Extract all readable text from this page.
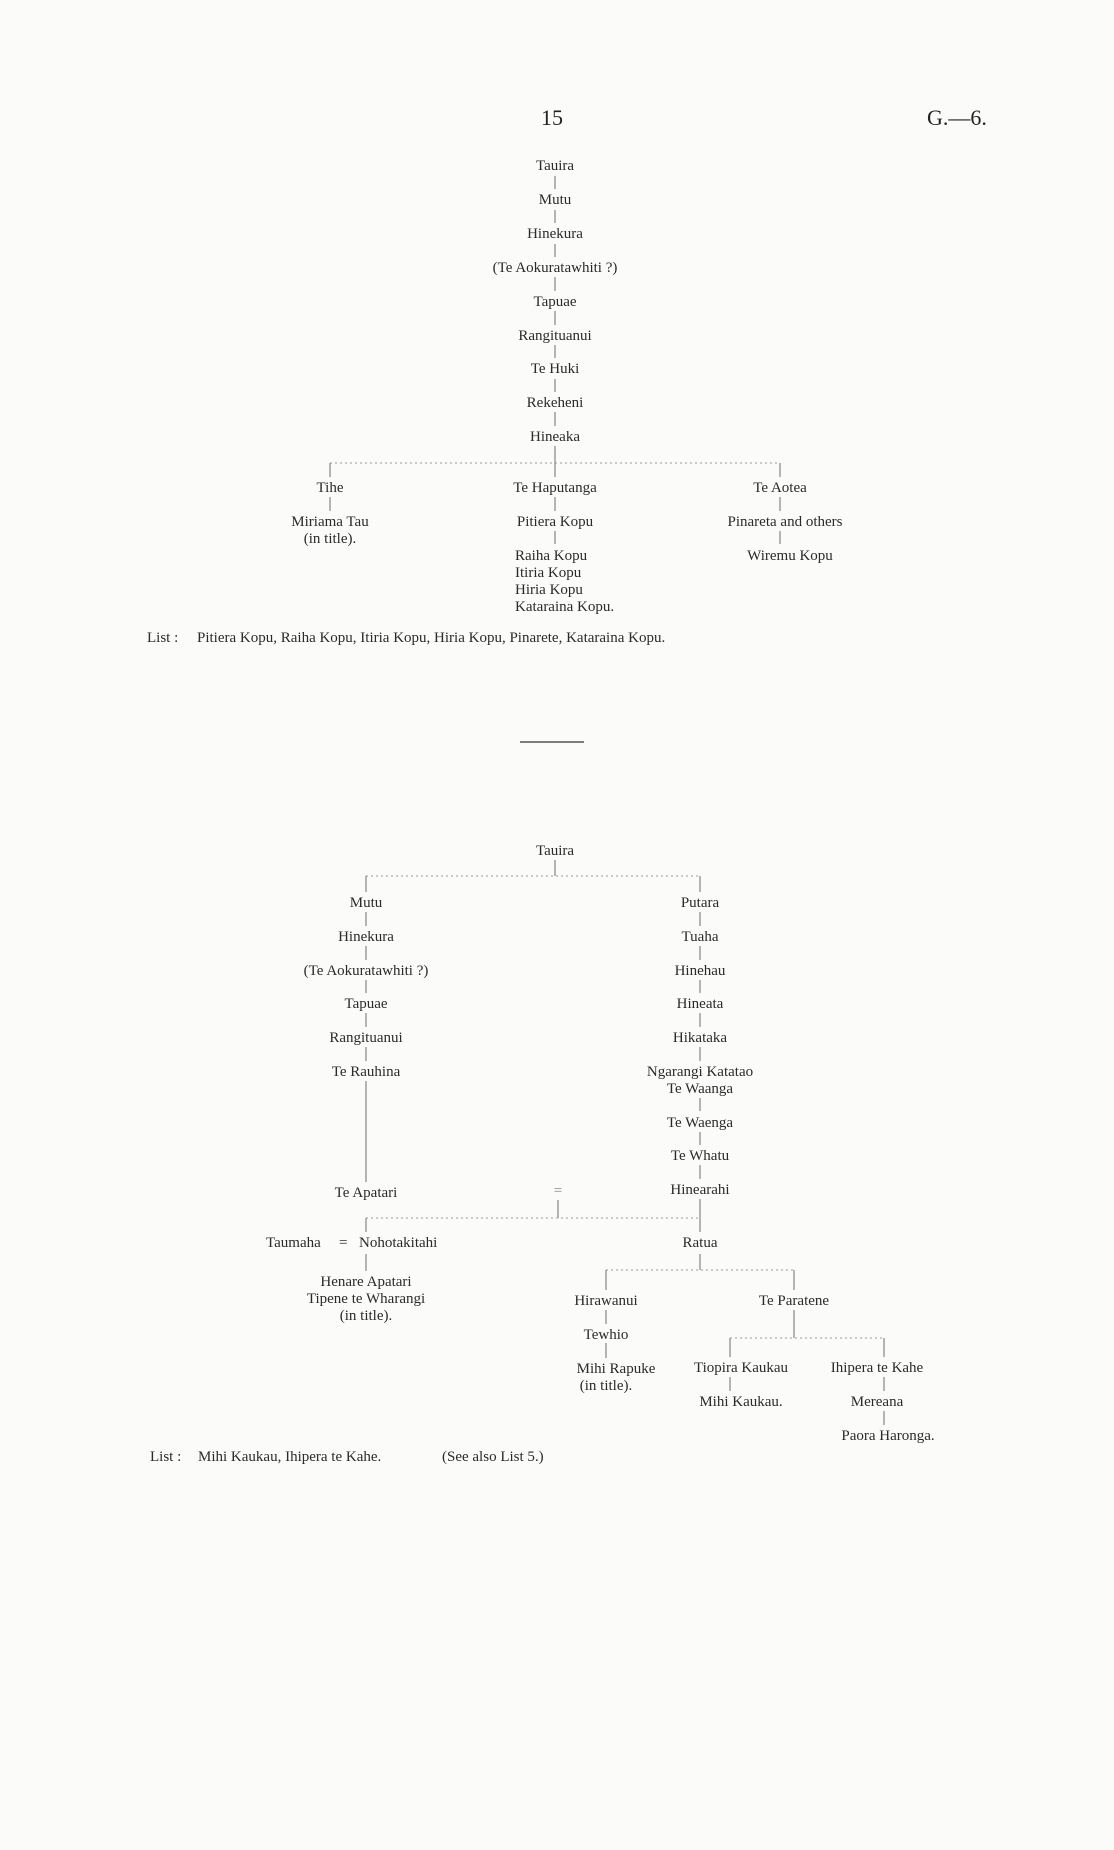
15	G.—6.
Tauira
Mutu
Hinekura
(Te Aokuratawhiti ?)
Tapuae
Rangituanui
Te Huki
Rekeheni
Hineaka
Tihe
Miriama Tau
(in title).
Te Haputanga
Pitiera Kopu
Raiha Kopu
Itiria Kopu
Hiria Kopu
Kataraina Kopu.
Te Aotea
Pinareta and others
Wiremu Kopu
List : Pitiera Kopu, Raiha Kopu, Itiria Kopu, Hiria Kopu, Pinarete, Kataraina Kopu.
Tauira
Mutu
Hinekura
(Te Aokuratawhiti ?)
Tapuae
Rangituanui
Te Rauhina
Te Apatari
Putara
Tuaha
Hinehau
Hineata
Hikataka
Ngarangi Katatao
Te Waanga
Te Waenga
Te Whatu
Hinearahi
=
Taumaha = Nohotakitahi
Henare Apatari
Tipene te Wharangi
(in title).
Ratua
Hirawanui
Tewhio
Mihi Rapuke
(in title).
Te Paratene
Tiopira Kaukau
Mihi Kaukau.
Ihipera te Kahe
Mereana
Paora Haronga.
List : Mihi Kaukau, Ihipera te Kahe.	(See also List 5.)
